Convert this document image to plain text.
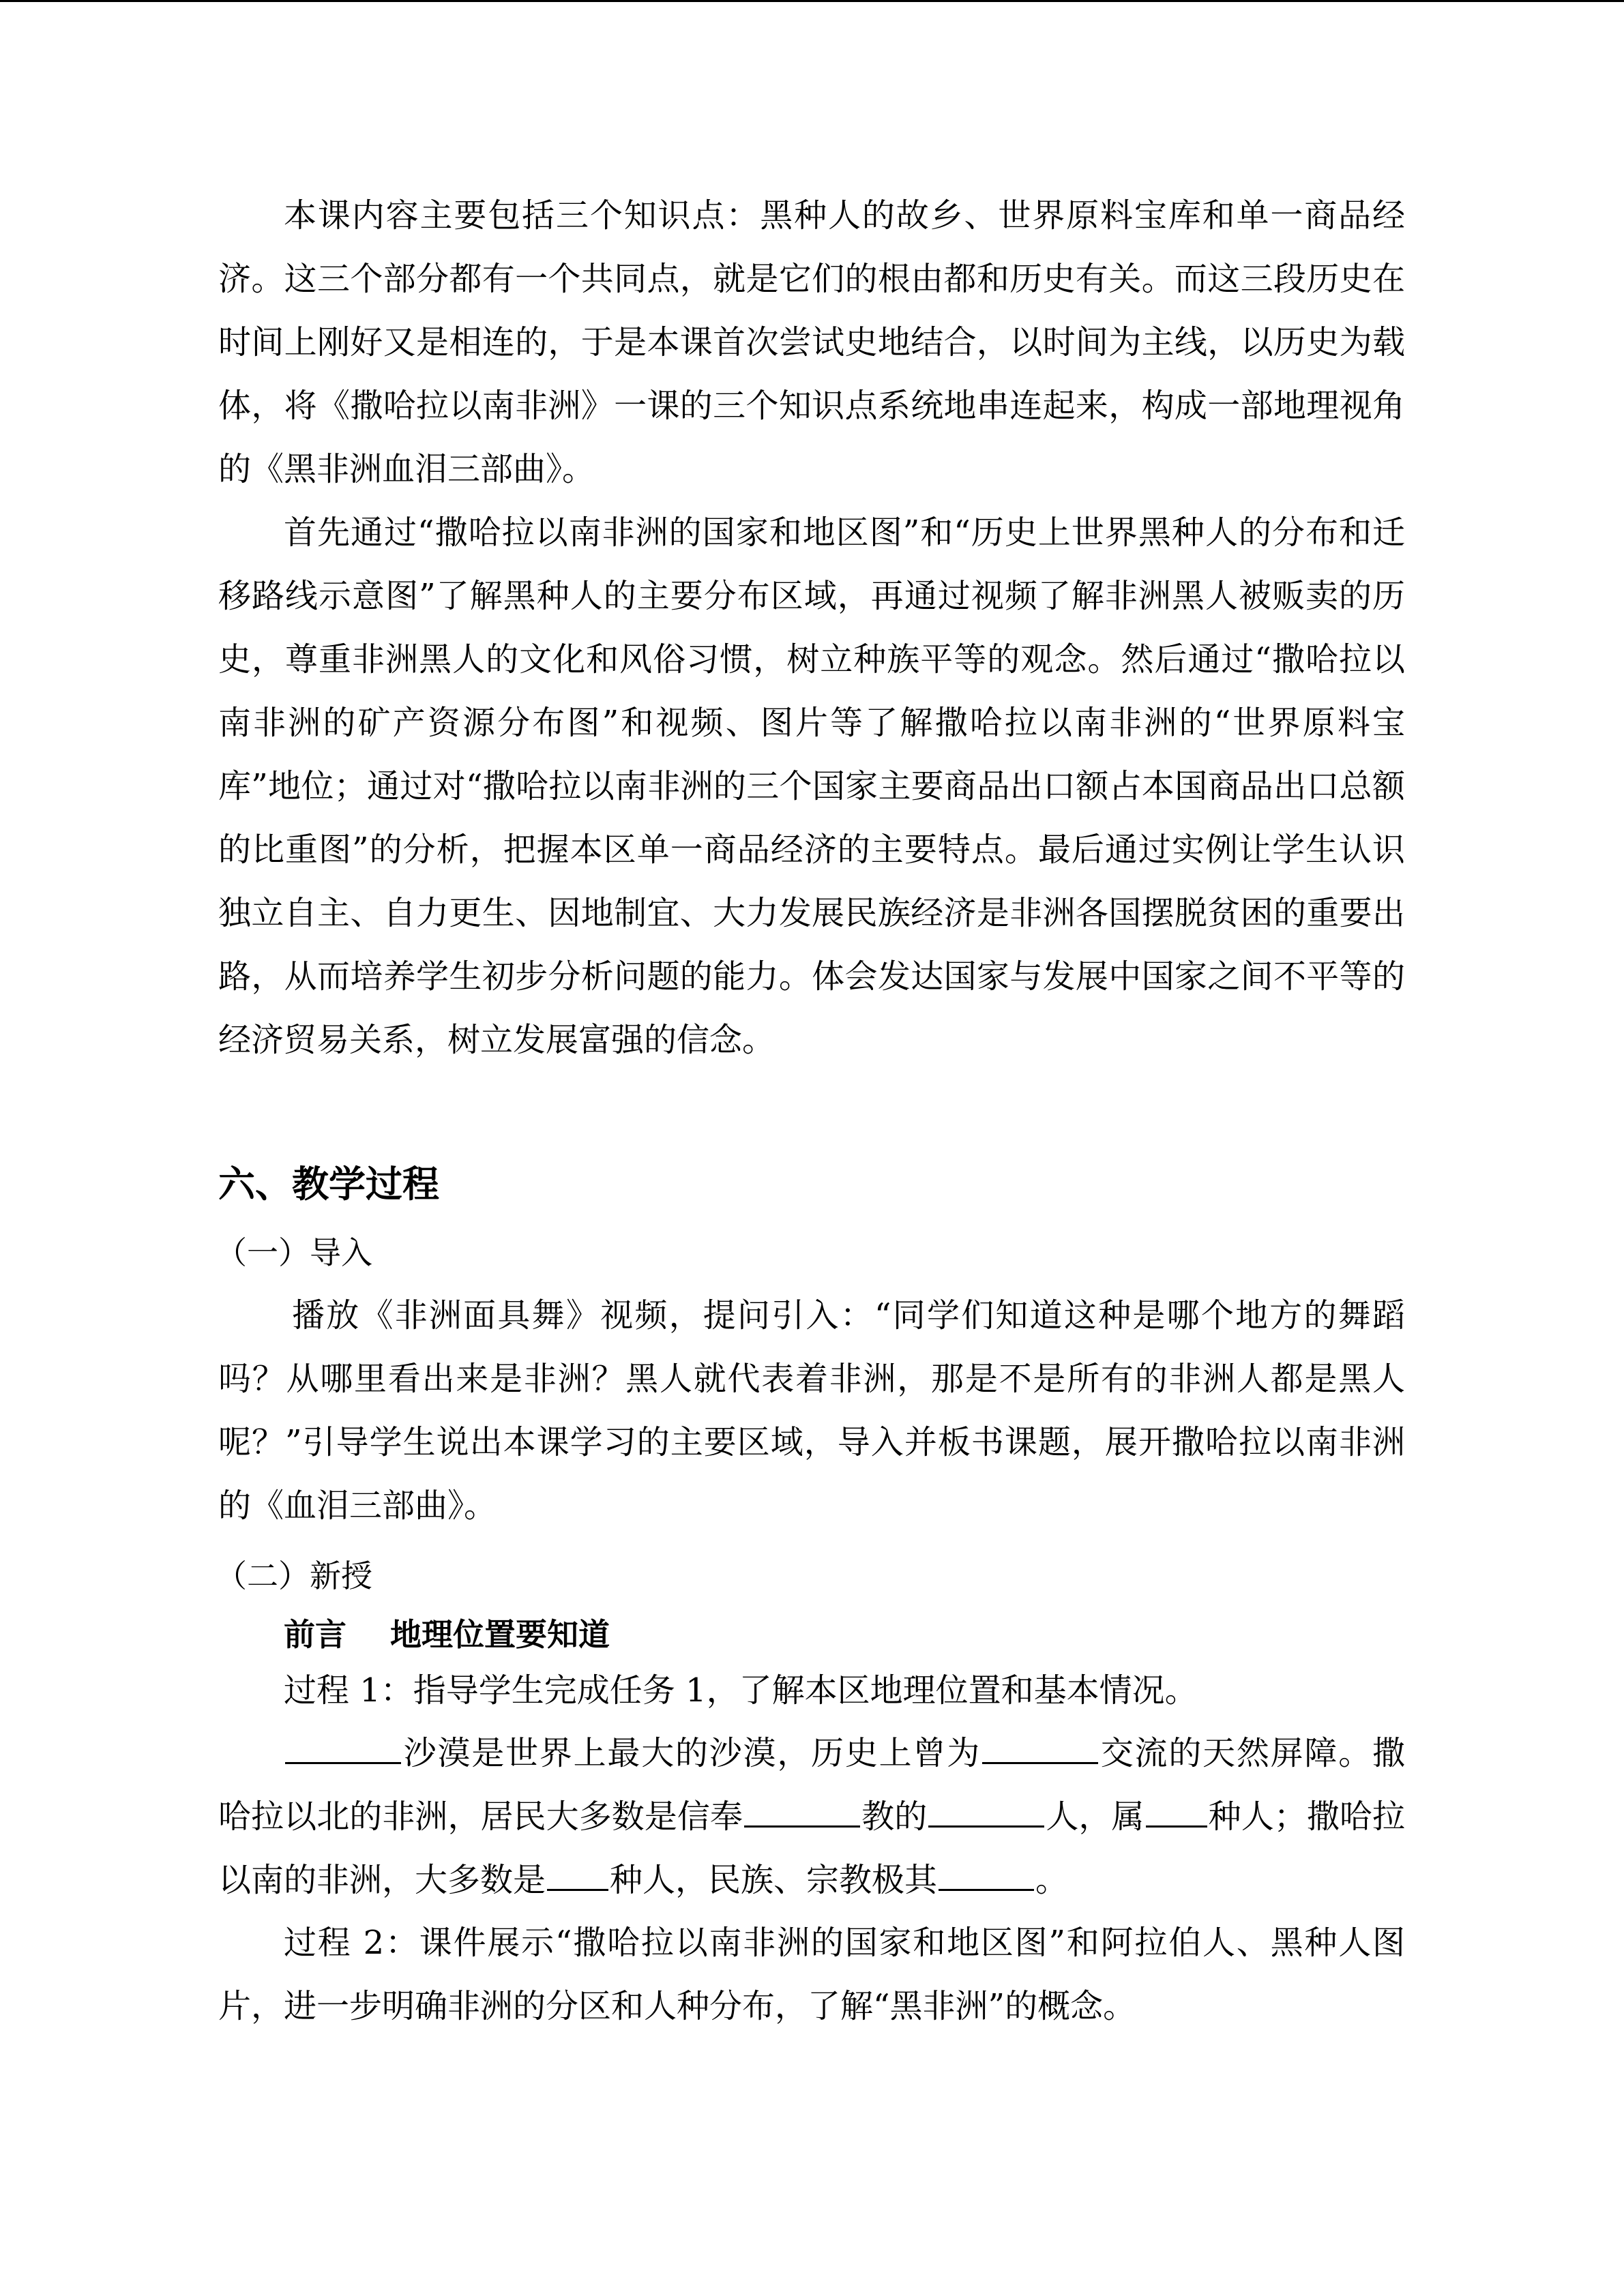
本课内容主要包括三个知识点：黑种人的故乡、世界原料宝库和单一商品经济。这三个部分都有一个共同点，就是它们的根由都和历史有关。而这三段历史在时间上刚好又是相连的，于是本课首次尝试史地结合，以时间为主线，以历史为载体，将《撒哈拉以南非洲》一课的三个知识点系统地串连起来，构成一部地理视角的《黑非洲血泪三部曲》。

首先通过“撒哈拉以南非洲的国家和地区图”和“历史上世界黑种人的分布和迁移路线示意图”了解黑种人的主要分布区域，再通过视频了解非洲黑人被贩卖的历史，尊重非洲黑人的文化和风俗习惯，树立种族平等的观念。然后通过“撒哈拉以南非洲的矿产资源分布图”和视频、图片等了解撒哈拉以南非洲的“世界原料宝库”地位；通过对“撒哈拉以南非洲的三个国家主要商品出口额占本国商品出口总额的比重图”的分析，把握本区单一商品经济的主要特点。最后通过实例让学生认识独立自主、自力更生、因地制宜、大力发展民族经济是非洲各国摆脱贫困的重要出路，从而培养学生初步分析问题的能力。体会发达国家与发展中国家之间不平等的经济贸易关系，树立发展富强的信念。

六、教学过程
（一）导入

播放《非洲面具舞》视频，提问引入：“同学们知道这种是哪个地方的舞蹈吗？从哪里看出来是非洲？黑人就代表着非洲，那是不是所有的非洲人都是黑人呢？”引导学生说出本课学习的主要区域，导入并板书课题，展开撒哈拉以南非洲的《血泪三部曲》。

（二）新授
前言    地理位置要知道

过程 1：指导学生完成任务 1，了解本区地理位置和基本情况。

沙漠是世界上最大的沙漠，历史上曾为	交流的天然屏障。撒哈拉以北的非洲，居民大多数是信奉	教的	人，属 种人；撒哈拉以南的非洲，大多数是 种人，民族、宗教极其	。

过程 2：课件展示“撒哈拉以南非洲的国家和地区图”和阿拉伯人、黑种人图片，进一步明确非洲的分区和人种分布，了解“黑非洲”的概念。
